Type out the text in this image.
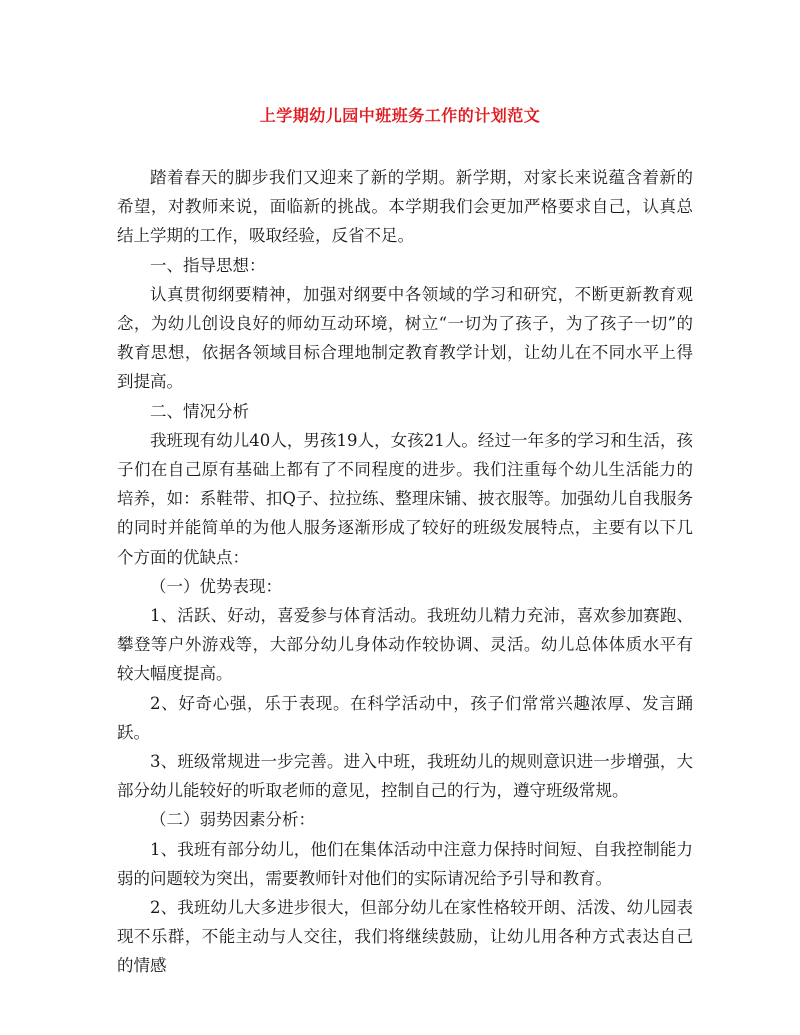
上学期幼儿园中班班务工作的计划范文

踏着春天的脚步我们又迎来了新的学期。新学期，对家长来说蕴含着新的希望，对教师来说，面临新的挑战。本学期我们会更加严格要求自己，认真总结上学期的工作，吸取经验，反省不足。

一、指导思想：

认真贯彻纲要精神，加强对纲要中各领域的学习和研究，不断更新教育观念，为幼儿创设良好的师幼互动环境，树立“一切为了孩子，为了孩子一切”的教育思想，依据各领域目标合理地制定教育教学计划，让幼儿在不同水平上得到提高。

二、情况分析

我班现有幼儿40人，男孩19人，女孩21人。经过一年多的学习和生活，孩子们在自己原有基础上都有了不同程度的进步。我们注重每个幼儿生活能力的培养，如：系鞋带、扣Q子、拉拉练、整理床铺、披衣服等。加强幼儿自我服务的同时并能简单的为他人服务逐渐形成了较好的班级发展特点，主要有以下几个方面的优缺点：

（一）优势表现：

1、活跃、好动，喜爱参与体育活动。我班幼儿精力充沛，喜欢参加赛跑、攀登等户外游戏等，大部分幼儿身体动作较协调、灵活。幼儿总体体质水平有较大幅度提高。

2、好奇心强，乐于表现。在科学活动中，孩子们常常兴趣浓厚、发言踊跃。

3、班级常规进一步完善。进入中班，我班幼儿的规则意识进一步增强，大部分幼儿能较好的听取老师的意见，控制自己的行为，遵守班级常规。

（二）弱势因素分析：

1、我班有部分幼儿，他们在集体活动中注意力保持时间短、自我控制能力弱的问题较为突出，需要教师针对他们的实际请况给予引导和教育。

2、我班幼儿大多进步很大，但部分幼儿在家性格较开朗、活泼、幼儿园表现不乐群，不能主动与人交往，我们将继续鼓励，让幼儿用各种方式表达自己的情感
